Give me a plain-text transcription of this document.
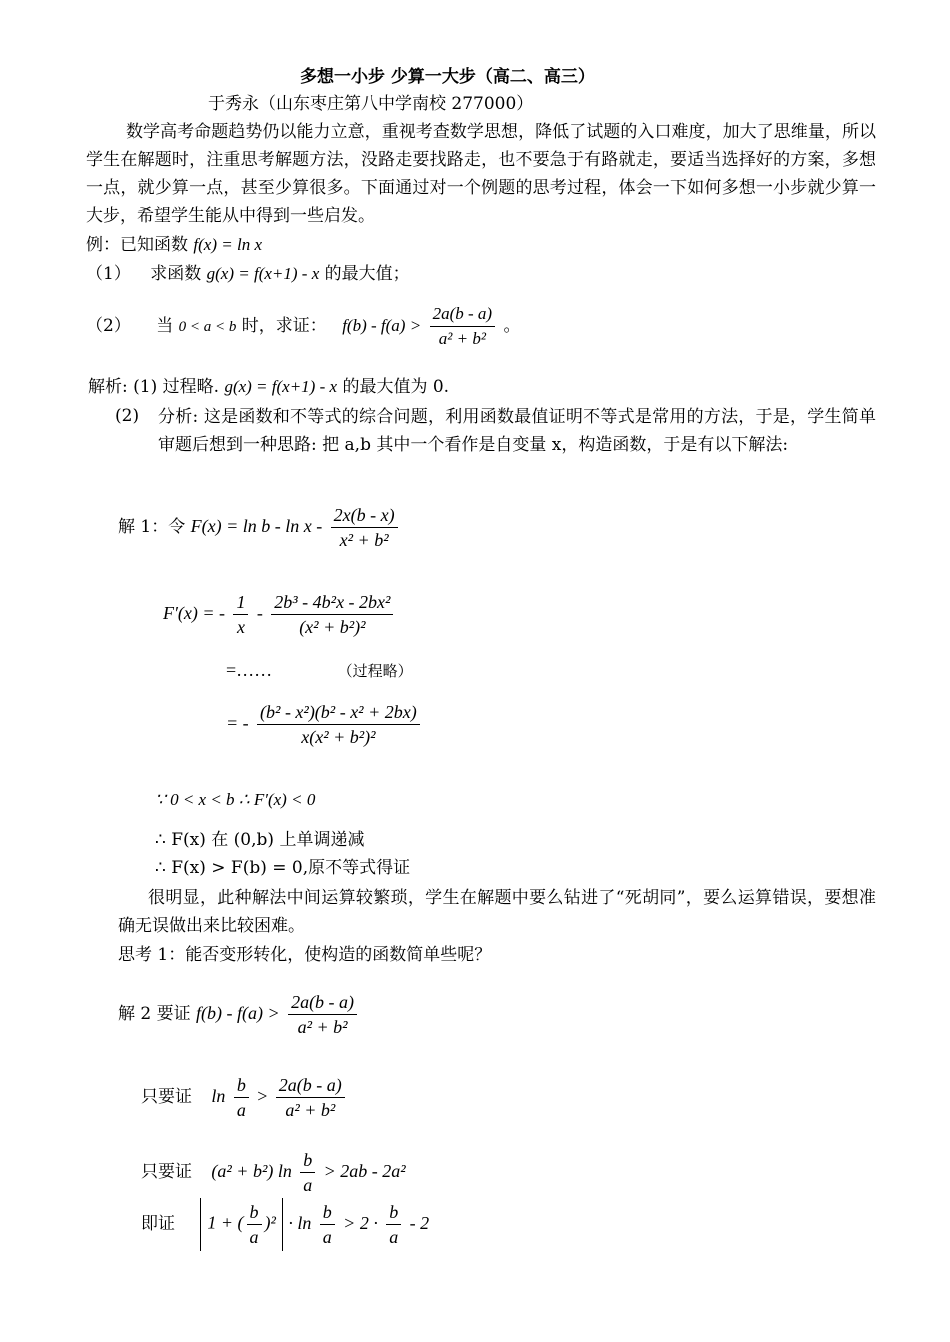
多想一小步 少算一大步（高二、高三）
于秀永（山东枣庄第八中学南校 277000）
数学高考命题趋势仍以能力立意，重视考查数学思想，降低了试题的入口难度，加大了思维量，所以学生在解题时，注重思考解题方法，没路走要找路走，也不要急于有路就走，要适当选择好的方案，多想一点，就少算一点，甚至少算很多。下面通过对一个例题的思考过程，体会一下如何多想一小步就少算一大步，希望学生能从中得到一些启发。
例：已知函数 f(x) = ln x
（1） 求函数 g(x) = f(x+1) - x 的最大值；
（2） 当 0 < a < b 时，求证： $f(b) - f(a) > \frac{2a(b - a)}{\text{a² + b²}}$ 。
解析: (1) 过程略. g(x) = f(x+1) - x 的最大值为 0.
(2) 分析: 这是函数和不等式的综合问题，利用函数最值证明不等式是常用的方法，于是，学生简单审题后想到一种思路: 把 a,b 其中一个看作是自变量 x，构造函数，于是有以下解法:
解 1：令 $F(x) = \ln b - \ln x - \frac{2x(b - x)}{\text{x² + b²}}$
F′(x) = - $\frac{1}{x} - \frac{\text{2b³ - 4b²x - 2bx²}}{\text{(x² + b²)²}}$
=……	（过程略）
= - $\frac{\text{(b² - x²)(b² - x² + 2bx)}}{\text{x(x² + b²)²}}$
∵ 0 < x < b ∴ F′(x) < 0
∴ F(x) 在 (0,b) 上单调递减
∴ F(x) > F(b) = 0,原不等式得证
很明显，此种解法中间运算较繁琐，学生在解题中要么钻进了“死胡同”，要么运算错误，要想准确无误做出来比较困难。
思考 1：能否变形转化，使构造的函数简单些呢？
解 2 要证 $f(b) - f(a) > \frac{2a(b - a)}{\text{a² + b²}}$
只要证 $\ln \frac{b}{a} > \frac{2a(b - a)}{\text{a² + b²}}$
只要证 (a² + b²) $\ln \frac{b}{a} > 2ab - 2a^2$
即证 1 + ( $\frac{b}{a} )^2 \cdot \ln \frac{b}{a} > 2 \cdot \frac{b}{a} - 2$
